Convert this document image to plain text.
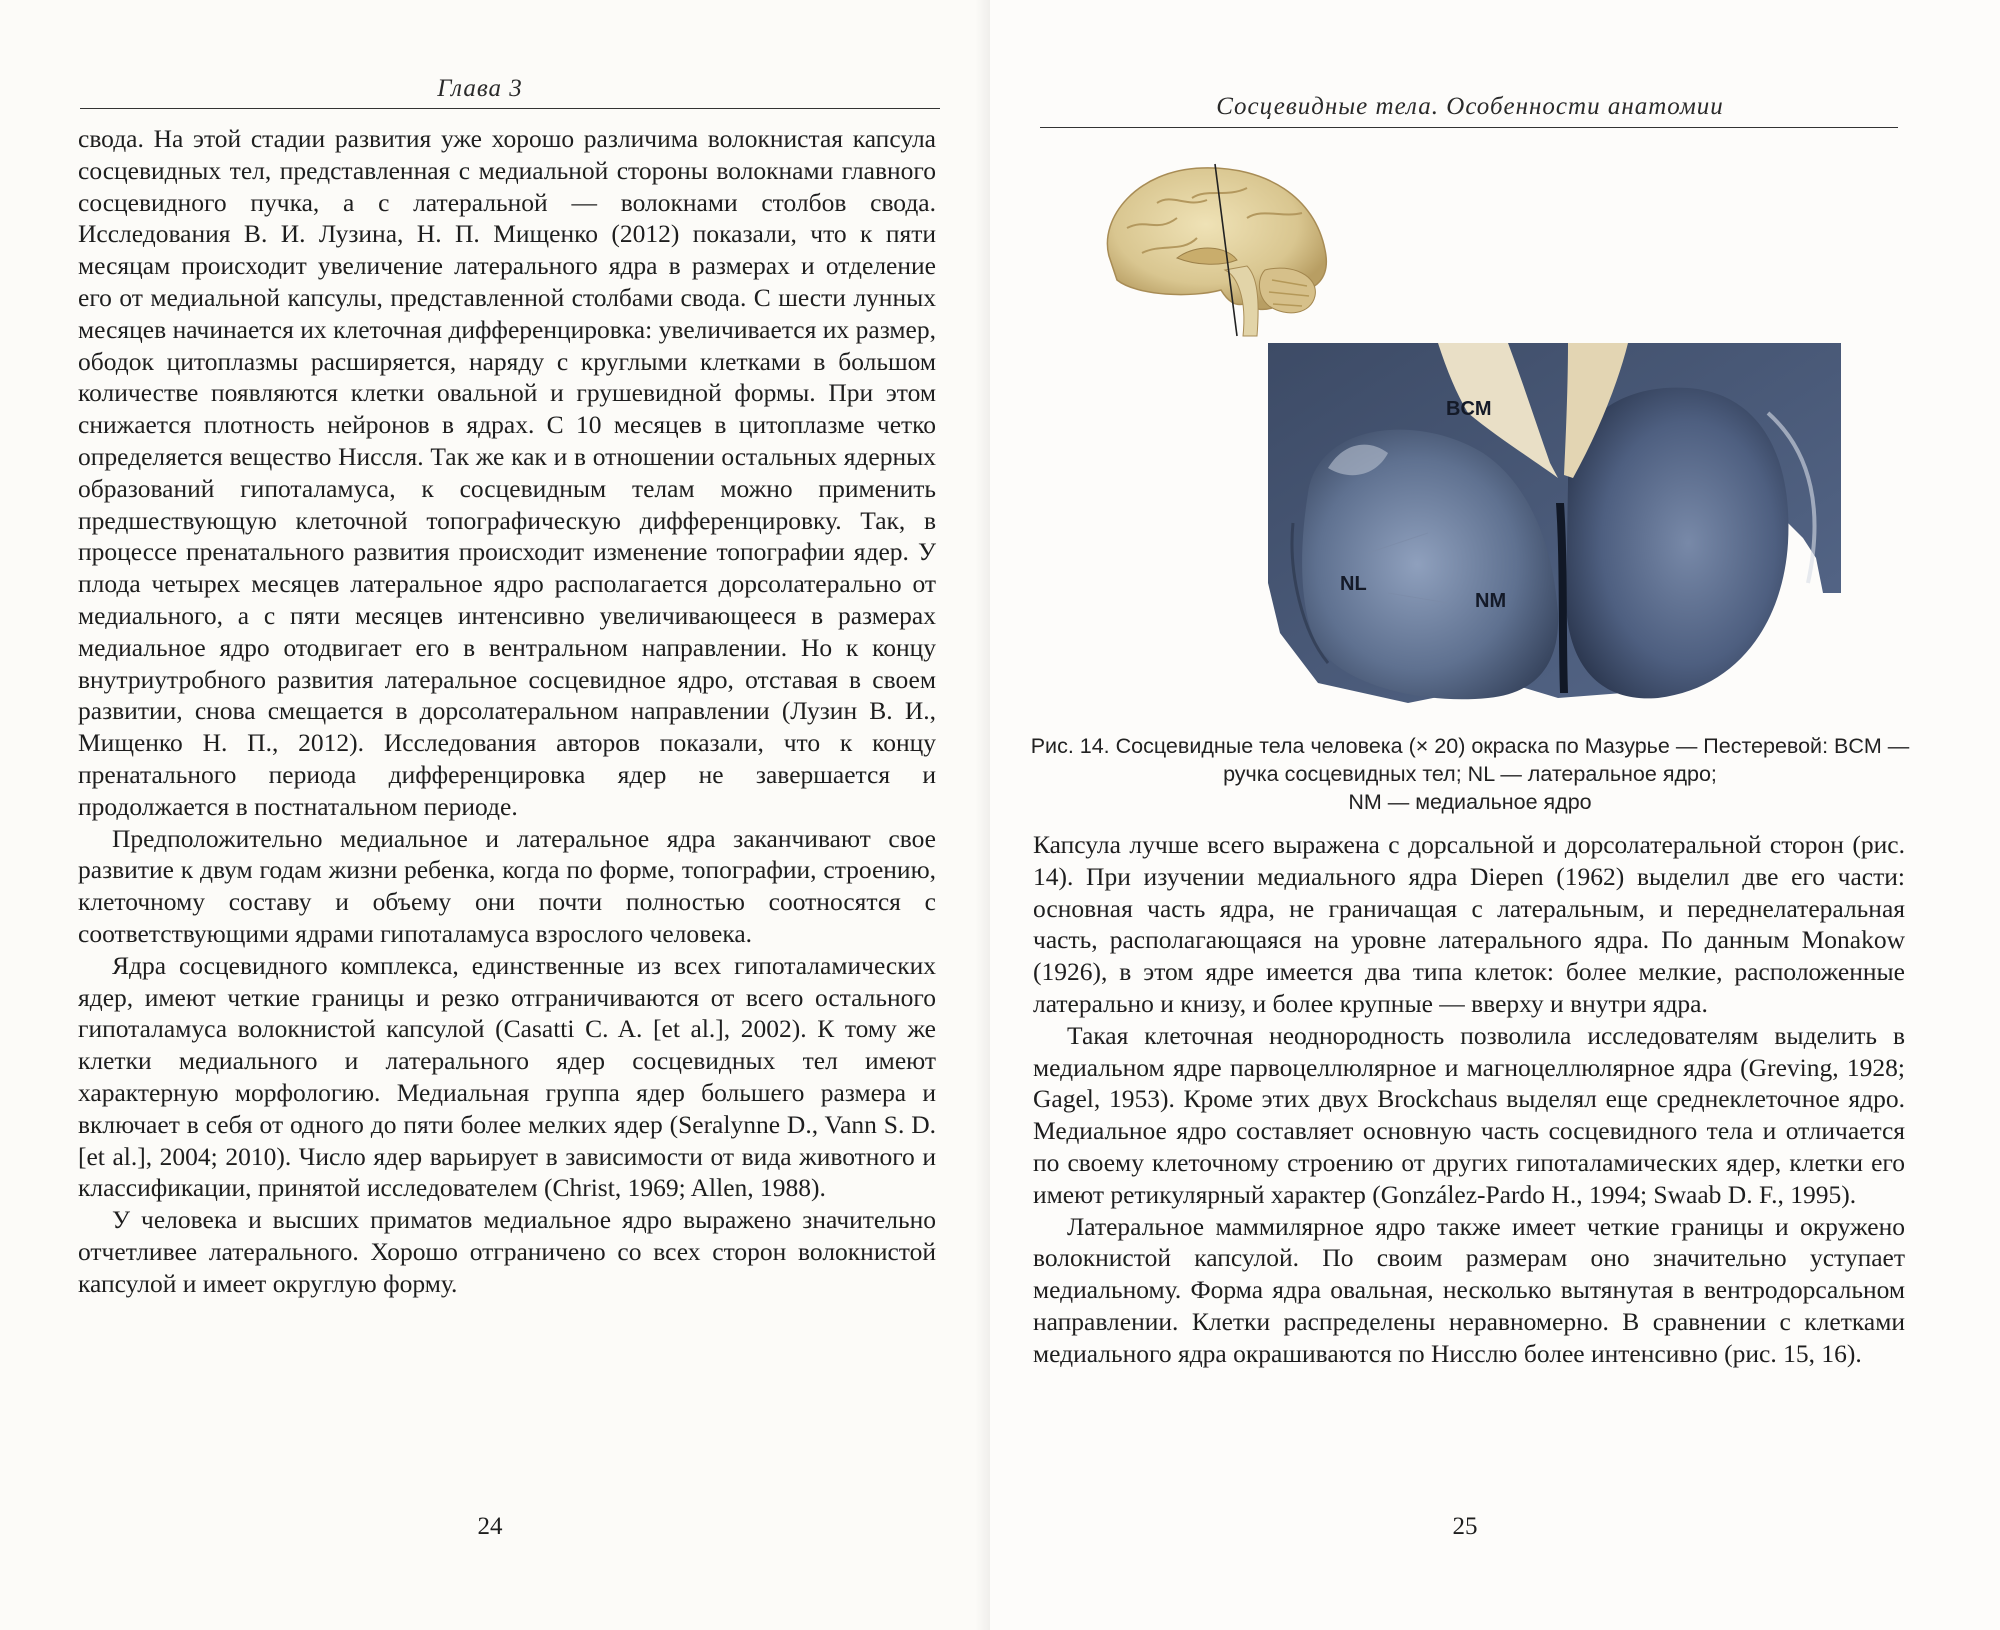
Глава 3

свода. На этой стадии развития уже хорошо различима волокнистая капсула сосцевидных тел, представленная с медиальной стороны волокнами главного сосцевидного пучка, а с латеральной — волокнами столбов свода. Исследования В. И. Лузина, Н. П. Мищенко (2012) показали, что к пяти месяцам происходит увеличение латерального ядра в размерах и отделение его от медиальной капсулы, представленной столбами свода. С шести лунных месяцев начинается их клеточная дифференцировка: увеличивается их размер, ободок цитоплазмы расширяется, наряду с круглыми клетками в большом количестве появляются клетки овальной и грушевидной формы. При этом снижается плотность нейронов в ядрах. С 10 месяцев в цитоплазме четко определяется вещество Ниссля. Так же как и в отношении остальных ядерных образований гипоталамуса, к сосцевидным телам можно применить предшествующую клеточной топографическую дифференцировку. Так, в процессе пренатального развития происходит изменение топографии ядер. У плода четырех месяцев латеральное ядро располагается дорсолатерально от медиального, а с пяти месяцев интенсивно увеличивающееся в размерах медиальное ядро отодвигает его в вентральном направлении. Но к концу внутриутробного развития латеральное сосцевидное ядро, отставая в своем развитии, снова смещается в дорсолатеральном направлении (Лузин В. И., Мищенко Н. П., 2012). Исследования авторов показали, что к концу пренатального периода дифференцировка ядер не завершается и продолжается в постнатальном периоде.

Предположительно медиальное и латеральное ядра заканчивают свое развитие к двум годам жизни ребенка, когда по форме, топографии, строению, клеточному составу и объему они почти полностью соотносятся с соответствующими ядрами гипоталамуса взрослого человека.

Ядра сосцевидного комплекса, единственные из всех гипоталамических ядер, имеют четкие границы и резко отграничиваются от всего остального гипоталамуса волокнистой капсулой (Casatti C. A. [et al.], 2002). К тому же клетки медиального и латерального ядер сосцевидных тел имеют характерную морфологию. Медиальная группа ядер большего размера и включает в себя от одного до пяти более мелких ядер (Seralynne D., Vann S. D. [et al.], 2004; 2010). Число ядер варьирует в зависимости от вида животного и классификации, принятой исследователем (Christ, 1969; Allen, 1988).

У человека и высших приматов медиальное ядро выражено значительно отчетливее латерального. Хорошо отграничено со всех сторон волокнистой капсулой и имеет округлую форму.

24
Сосцевидные тела. Особенности анатомии
BCM
NL
NM
Рис. 14. Сосцевидные тела человека (× 20) окраска по Мазурье — Пестеревой: BCM — ручка сосцевидных тел; NL — латеральное ядро;
NM — медиальное ядро

Капсула лучше всего выражена с дорсальной и дорсолатеральной сторон (рис. 14). При изучении медиального ядра Diepen (1962) выделил две его части: основная часть ядра, не граничащая с латеральным, и переднелатеральная часть, располагающаяся на уровне латерального ядра. По данным Monakow (1926), в этом ядре имеется два типа клеток: более мелкие, расположенные латерально и книзу, и более крупные — вверху и внутри ядра.

Такая клеточная неоднородность позволила исследователям выделить в медиальном ядре парвоцеллюлярное и магноцеллюлярное ядра (Greving, 1928; Gagel, 1953). Кроме этих двух Brockchaus выделял еще среднеклеточное ядро. Медиальное ядро составляет основную часть сосцевидного тела и отличается по своему клеточному строению от других гипоталамических ядер, клетки его имеют ретикулярный характер (González-Pardo H., 1994; Swaab D. F., 1995).

Латеральное маммилярное ядро также имеет четкие границы и окружено волокнистой капсулой. По своим размерам оно значительно уступает медиальному. Форма ядра овальная, несколько вытянутая в вентродорсальном направлении. Клетки распределены неравномерно. В сравнении с клетками медиального ядра окрашиваются по Нисслю более интенсивно (рис. 15, 16).

25
